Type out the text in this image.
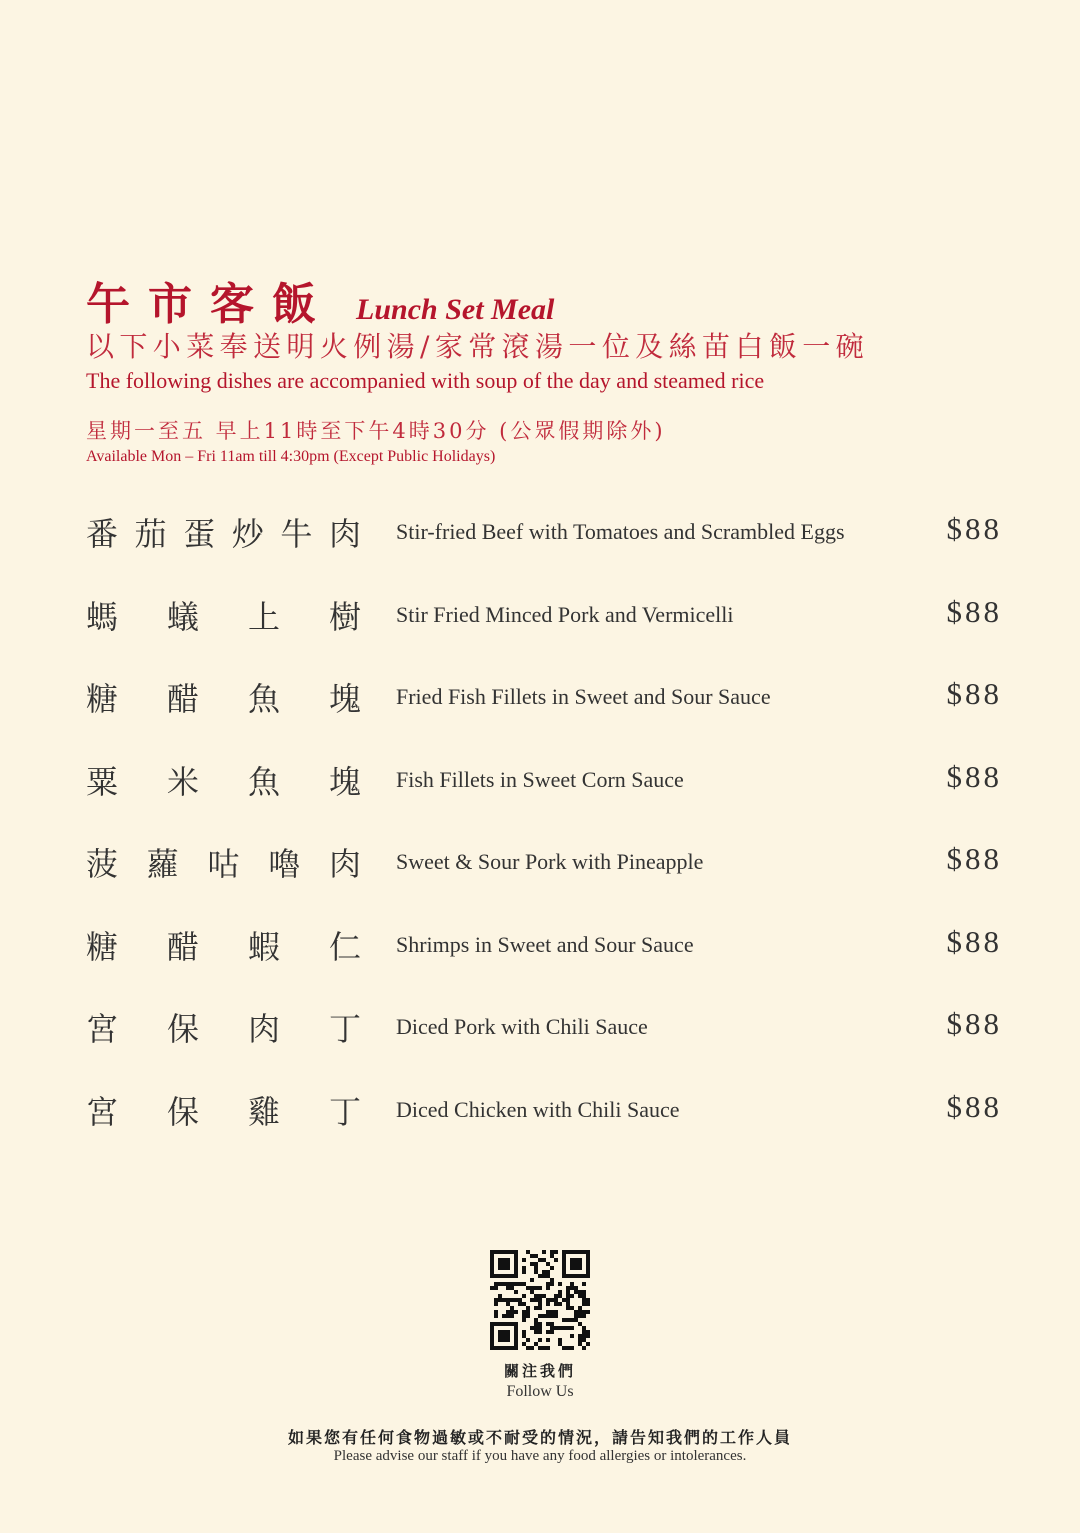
午市客飯 Lunch Set Meal
以下小菜奉送明火例湯/家常滾湯一位及絲苗白飯一碗
The following dishes are accompanied with soup of the day and steamed rice
星期一至五 早上11時至下午4時30分 (公眾假期除外)
Available Mon – Fri 11am till 4:30pm (Except Public Holidays)
番 茄 蛋 炒 牛 肉 Stir-fried Beef with Tomatoes and Scrambled Eggs	$88
螞 蟻 上 樹 Stir Fried Minced Pork and Vermicelli	$88
糖 醋 魚 塊 Fried Fish Fillets in Sweet and Sour Sauce	$88
粟 米 魚 塊 Fish Fillets in Sweet Corn Sauce	$88
菠 蘿 咕 嚕 肉 Sweet & Sour Pork with Pineapple	$88
糖 醋 蝦 仁 Shrimps in Sweet and Sour Sauce	$88
宮 保 肉 丁 Diced Pork with Chili Sauce	$88
宮 保 雞 丁 Diced Chicken with Chili Sauce	$88
關注我們
Follow Us
如果您有任何食物過敏或不耐受的情況，請告知我們的工作人員
Please advise our staff if you have any food allergies or intolerances.
